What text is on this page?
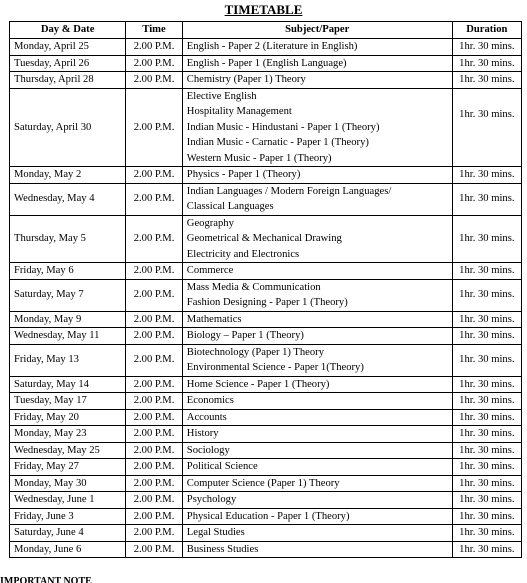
TIMETABLE
Day & Date	Time	Subject/Paper	Duration
Monday, April 25	2.00 P.M.	English - Paper 2 (Literature in English)	1hr. 30 mins.
Tuesday, April 26	2.00 P.M.	English - Paper 1 (English Language)	1hr. 30 mins.
Thursday, April 28	2.00 P.M.	Chemistry (Paper 1) Theory	1hr. 30 mins.
Saturday, April 30	2.00 P.M.	Elective English
Hospitality Management
Indian Music - Hindustani - Paper 1 (Theory)
Indian Music - Carnatic - Paper 1 (Theory)
Western Music - Paper 1 (Theory)	1hr. 30 mins.
Monday, May 2	2.00 P.M.	Physics - Paper 1 (Theory)	1hr. 30 mins.
Wednesday, May 4	2.00 P.M.	Indian Languages / Modern Foreign Languages/
Classical Languages	1hr. 30 mins.
Thursday, May 5	2.00 P.M.	Geography
Geometrical & Mechanical Drawing
Electricity and Electronics	1hr. 30 mins.
Friday, May 6	2.00 P.M.	Commerce	1hr. 30 mins.
Saturday, May 7	2.00 P.M.	Mass Media & Communication
Fashion Designing - Paper 1 (Theory)	1hr. 30 mins.
Monday, May 9	2.00 P.M.	Mathematics	1hr. 30 mins.
Wednesday, May 11	2.00 P.M.	Biology – Paper 1 (Theory)	1hr. 30 mins.
Friday, May 13	2.00 P.M.	Biotechnology (Paper 1) Theory
Environmental Science - Paper 1(Theory)	1hr. 30 mins.
Saturday, May 14	2.00 P.M.	Home Science - Paper 1 (Theory)	1hr. 30 mins.
Tuesday, May 17	2.00 P.M.	Economics	1hr. 30 mins.
Friday, May 20	2.00 P.M.	Accounts	1hr. 30 mins.
Monday, May 23	2.00 P.M.	History	1hr. 30 mins.
Wednesday, May 25	2.00 P.M.	Sociology	1hr. 30 mins.
Friday, May 27	2.00 P.M.	Political Science	1hr. 30 mins.
Monday, May 30	2.00 P.M.	Computer Science (Paper 1) Theory	1hr. 30 mins.
Wednesday, June 1	2.00 P.M.	Psychology	1hr. 30 mins.
Friday, June 3	2.00 P.M.	Physical Education - Paper 1 (Theory)	1hr. 30 mins.
Saturday, June 4	2.00 P.M.	Legal Studies	1hr. 30 mins.
Monday, June 6	2.00 P.M.	Business Studies	1hr. 30 mins.
IMPORTANT NOTE
